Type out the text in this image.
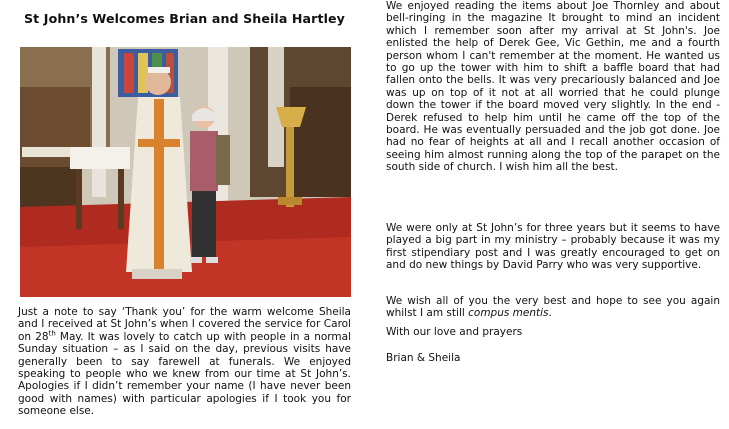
St John’s Welcomes Brian and Sheila Hartley

Just a note to say ‘Thank you’ for the warm welcome Sheila and I received at St John’s when I covered the service for Carol on 28th May. It was lovely to catch up with people in a normal Sunday situation – as I said on the day, previous visits have generally been to say farewell at funerals. We enjoyed speaking to people who we knew from our time at St John’s. Apologies if I didn’t remember your name (I have never been good with names) with particular apologies if I took you for someone else.

We enjoyed reading the items about Joe Thornley and about bell-ringing in the magazine It brought to mind an incident which I remember soon after my arrival at St John's. Joe enlisted the help of Derek Gee, Vic Gethin, me and a fourth person whom I can't remember at the moment. He wanted us to go up the tower with him to shift a baffle board that had fallen onto the bells. It was very precariously balanced and Joe was up on top of it not at all worried that he could plunge down the tower if the board moved very slightly. In the end - Derek refused to help him until he came off the top of the board. He was eventually persuaded and the job got done. Joe had no fear of heights at all and I recall another occasion of seeing him almost running along the top of the parapet on the south side of church. I wish him all the best.

We were only at St John’s for three years but it seems to have played a big part in my ministry – probably because it was my first stipendiary post and I was greatly encouraged to get on and do new things by David Parry who was very supportive.

We wish all of you the very best and hope to see you again whilst I am still compus mentis.

With our love and prayers

Brian & Sheila
